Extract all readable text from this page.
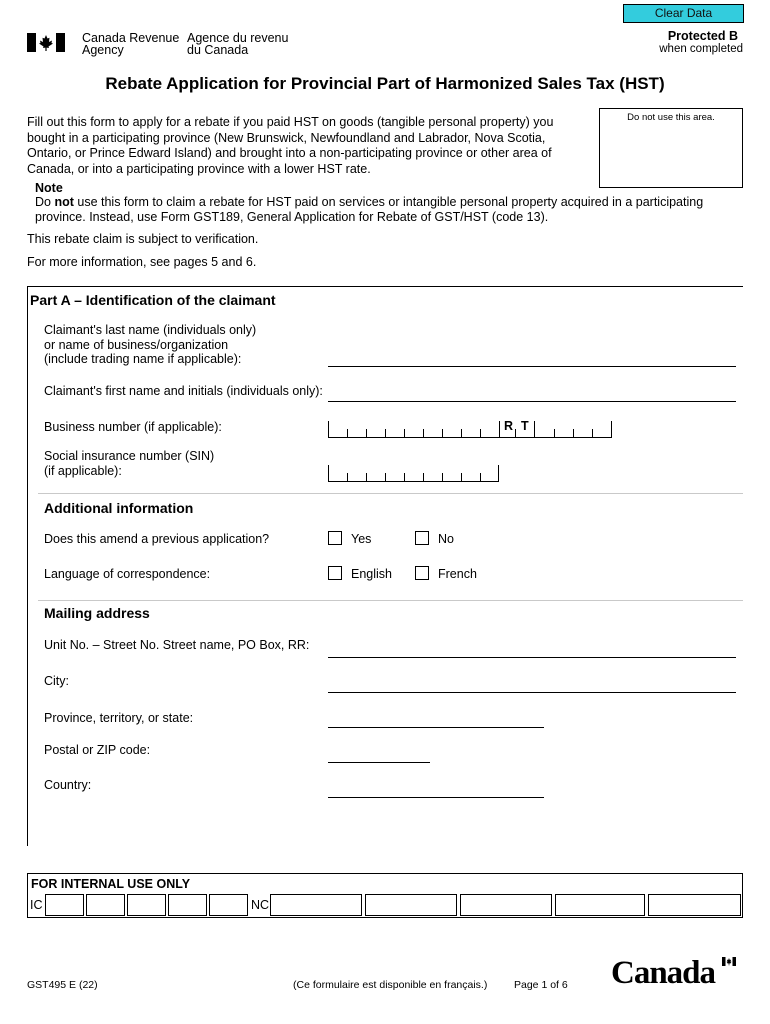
Clear Data
Protected B
when completed
Canada Revenue
Agency
Agence du revenu
du Canada
Rebate Application for Provincial Part of Harmonized Sales Tax (HST)
Fill out this form to apply for a rebate if you paid HST on goods (tangible personal property) you
bought in a participating province (New Brunswick, Newfoundland and Labrador, Nova Scotia,
Ontario, or Prince Edward Island) and brought into a non-participating province or other area of
Canada, or into a participating province with a lower HST rate.
Do not use this area.
Note
Do not use this form to claim a rebate for HST paid on services or intangible personal property acquired in a participating
province. Instead, use Form GST189, General Application for Rebate of GST/HST (code 13).
This rebate claim is subject to verification.
For more information, see pages 5 and 6.
Part A – Identification of the claimant
Claimant's last name (individuals only)
or name of business/organization
(include trading name if applicable):
Claimant's first name and initials (individuals only):
Business number (if applicable):	R T
Social insurance number (SIN)
(if applicable):
Additional information
Does this amend a previous application?	Yes	No
Language of correspondence:	English	French
Mailing address
Unit No. – Street No. Street name, PO Box, RR:
City:
Province, territory, or state:
Postal or ZIP code:
Country:
FOR INTERNAL USE ONLY
IC	NC
GST495 E (22)	(Ce formulaire est disponible en français.)	Page 1 of 6 Canada
